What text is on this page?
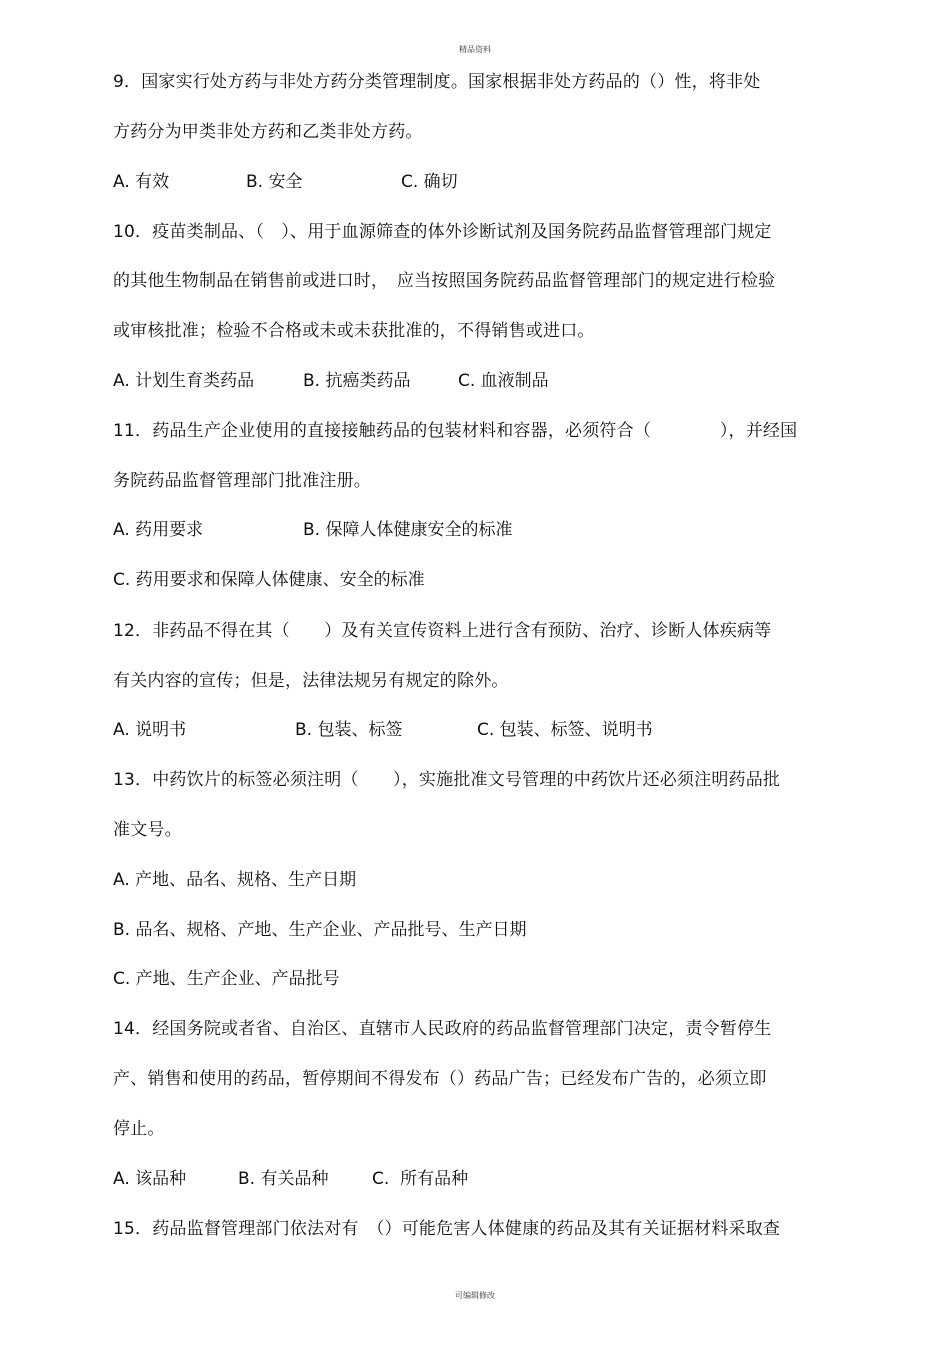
精品资料
9．国家实行处方药与非处方药分类管理制度。国家根据非处方药品的（）性，将非处
方药分为甲类非处方药和乙类非处方药。
A. 有效	B. 安全	C. 确切
10．疫苗类制品、（　）、用于血源筛查的体外诊断试剂及国务院药品监督管理部门规定
的其他生物制品在销售前或进口时，　应当按照国务院药品监督管理部门的规定进行检验
或审核批准；检验不合格或未或未获批准的，不得销售或进口。
A. 计划生育类药品	B. 抗癌类药品	C. 血液制品
11．药品生产企业使用的直接接触药品的包装材料和容器，必须符合（　　　　），并经国
务院药品监督管理部门批准注册。
A. 药用要求	B. 保障人体健康安全的标准
C. 药用要求和保障人体健康、安全的标准
12．非药品不得在其（　　）及有关宣传资料上进行含有预防、治疗、诊断人体疾病等
有关内容的宣传；但是，法律法规另有规定的除外。
A. 说明书	B. 包装、标签	C. 包装、标签、说明书
13．中药饮片的标签必须注明（　　），实施批准文号管理的中药饮片还必须注明药品批
准文号。
A. 产地、品名、规格、生产日期
B. 品名、规格、产地、生产企业、产品批号、生产日期
C. 产地、生产企业、产品批号
14．经国务院或者省、自治区、直辖市人民政府的药品监督管理部门决定，责令暂停生
产、销售和使用的药品，暂停期间不得发布（）药品广告；已经发布广告的，必须立即
停止。
A. 该品种	B. 有关品种	C.  所有品种
15．药品监督管理部门依法对有　（）可能危害人体健康的药品及其有关证据材料采取查
可编辑修改
